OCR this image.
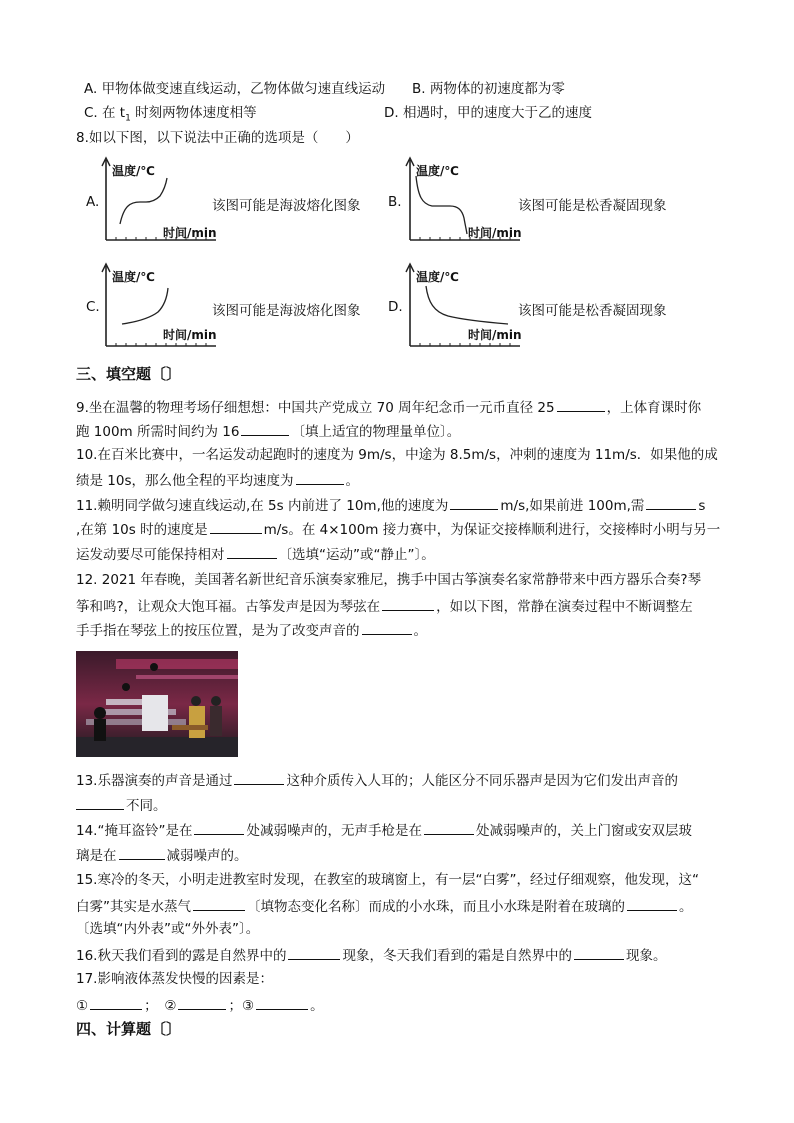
A. 甲物体做变速直线运动，乙物体做匀速直线运动 B. 两物体的初速度都为零
C. 在 $t_1$ 时刻两物体速度相等	D. 相遇时，甲的速度大于乙的速度
8.如以下图，以下说法中正确的选项是（　　）
A.
温度/℃
时间/min
该图可能是海波熔化图象 B.
温度/℃
时间/min
该图可能是松香凝固现象
C.
温度/℃
时间/min
该图可能是海波熔化图象 D.
温度/℃
时间/min
该图可能是松香凝固现象
三、填空题〔〕
9.坐在温馨的物理考场仔细想想：中国共产党成立 70 周年纪念币一元币直径 25	，上体育课时你
跑 100m 所需时间约为 16	〔填上适宜的物理量单位〕。
10.在百米比赛中，一名运发动起跑时的速度为 9m/s，中途为 8.5m/s，冲刺的速度为 11m/s．如果他的成
绩是 10s，那么他全程的平均速度为	。
11.赖明同学做匀速直线运动,在 5s 内前进了 10m,他的速度为	m/s,如果前进 100m,需	s
,在第 10s 时的速度是	m/s。在 4×100m 接力赛中，为保证交接棒顺利进行，交接棒时小明与另一
运发动要尽可能保持相对	〔选填“运动”或“静止”〕。
12. 2021 年春晚，美国著名新世纪音乐演奏家雅尼，携手中国古筝演奏名家常静带来中西方器乐合奏?琴
筝和鸣?，让观众大饱耳福。古筝发声是因为琴弦在	，如以下图，常静在演奏过程中不断调整左
手手指在琴弦上的按压位置，是为了改变声音的	。
13.乐器演奏的声音是通过	这种介质传入人耳的；人能区分不同乐器声是因为它们发出声音的
不同。
14.“掩耳盗铃”是在	处减弱噪声的，无声手枪是在	处减弱噪声的，关上门窗或安双层玻
璃是在	减弱噪声的。
15.寒冷的冬天，小明走进教室时发现，在教室的玻璃窗上，有一层“白雾”，经过仔细观察，他发现，这“
白雾”其实是水蒸气	〔填物态变化名称〕而成的小水珠，而且小水珠是附着在玻璃的	。
〔选填“内外表”或“外外表”〕。
16.秋天我们看到的露是自然界中的	现象，冬天我们看到的霜是自然界中的	现象。
17.影响液体蒸发快慢的因素是：
①	；　②	；③	。
四、计算题〔〕
